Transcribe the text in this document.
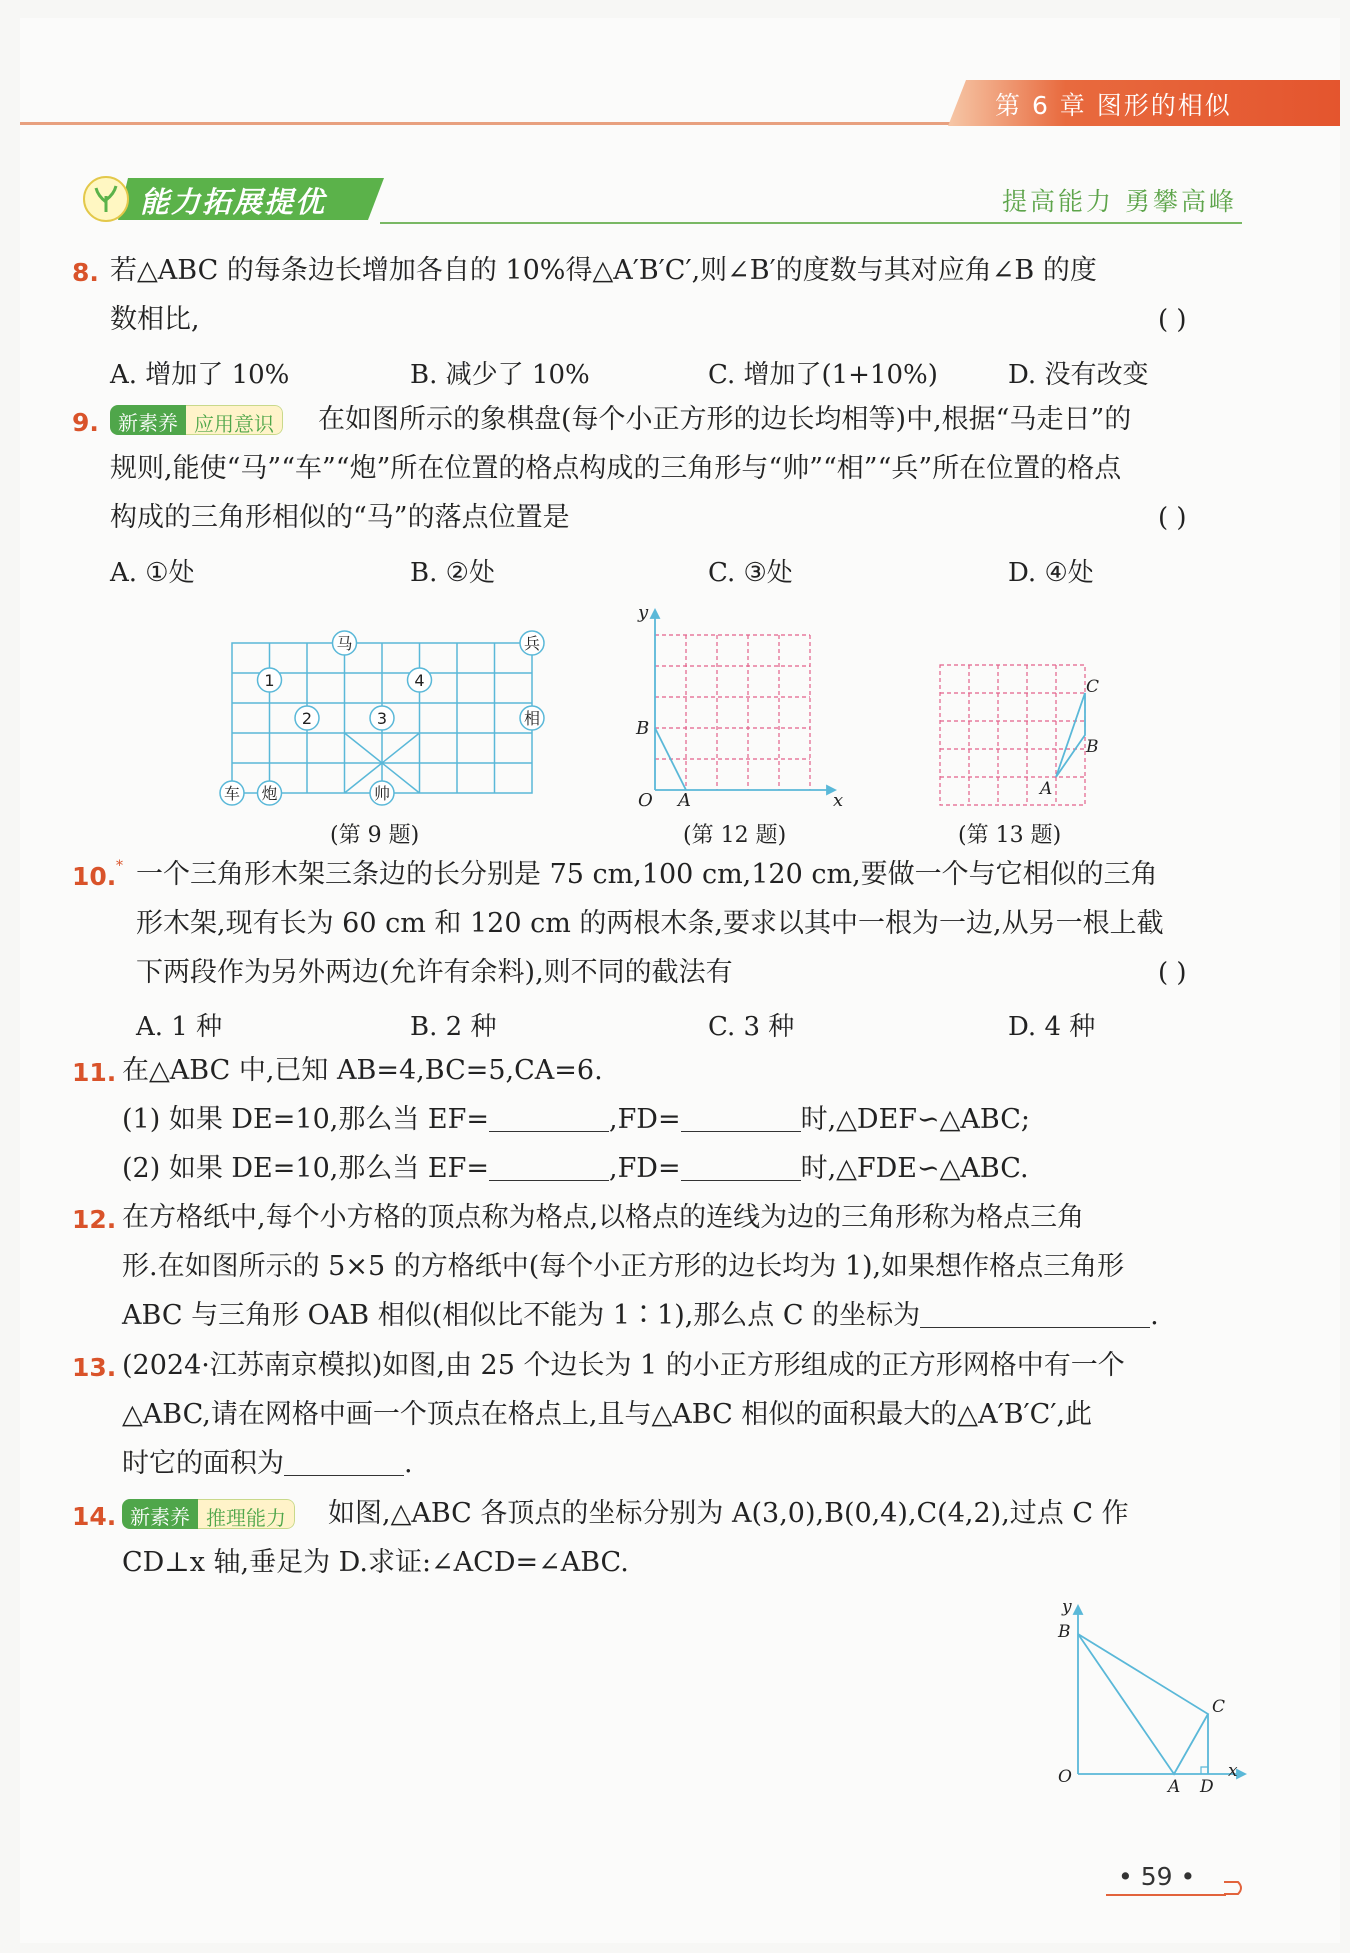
第 6 章 图形的相似
能力拓展提优	提高能力 勇攀高峰
8. 若△ABC 的每条边长增加各自的 10%得△A′B′C′,则∠B′的度数与其对应角∠B 的度
数相比,	( )
A. 增加了 10%	B. 减少了 10%	C. 增加了(1+10%)	D. 没有改变
9. 新素养 应用意识	在如图所示的象棋盘(每个小正方形的边长均相等)中,根据“马走日”的
规则,能使“马”“车”“炮”所在位置的格点构成的三角形与“帅”“相”“兵”所在位置的格点
构成的三角形相似的“马”的落点位置是	( )
A. ①处	B. ②处	C. ③处	D. ④处
马	兵
相
车 炮	帅
1
2	3
4
(第 9 题)
y
x
O A
B
(第 12 题)
C
B
A
(第 13 题)
10. * 一个三角形木架三条边的长分别是 75 cm,100 cm,120 cm,要做一个与它相似的三角
形木架,现有长为 60 cm 和 120 cm 的两根木条,要求以其中一根为一边,从另一根上截
下两段作为另外两边(允许有余料),则不同的截法有	( )
A. 1 种	B. 2 种	C. 3 种	D. 4 种
11. 在△ABC 中,已知 AB=4,BC=5,CA=6.
(1) 如果 DE=10,那么当 EF=	,FD=	时,△DEF∽△ABC;
(2) 如果 DE=10,那么当 EF=	,FD=	时,△FDE∽△ABC.
12. 在方格纸中,每个小方格的顶点称为格点,以格点的连线为边的三角形称为格点三角
形.在如图所示的 5×5 的方格纸中(每个小正方形的边长均为 1),如果想作格点三角形
ABC 与三角形 OAB 相似(相似比不能为 1∶1),那么点 C 的坐标为	.
13. (2024·江苏南京模拟)如图,由 25 个边长为 1 的小正方形组成的正方形网格中有一个
△ABC,请在网格中画一个顶点在格点上,且与△ABC 相似的面积最大的△A′B′C′,此
时它的面积为	.
14. 新素养 推理能力	如图,△ABC 各顶点的坐标分别为 A(3,0),B(0,4),C(4,2),过点 C 作
CD⊥x 轴,垂足为 D.求证:∠ACD=∠ABC.
y
x
O
B
C
A D
• 59 •
